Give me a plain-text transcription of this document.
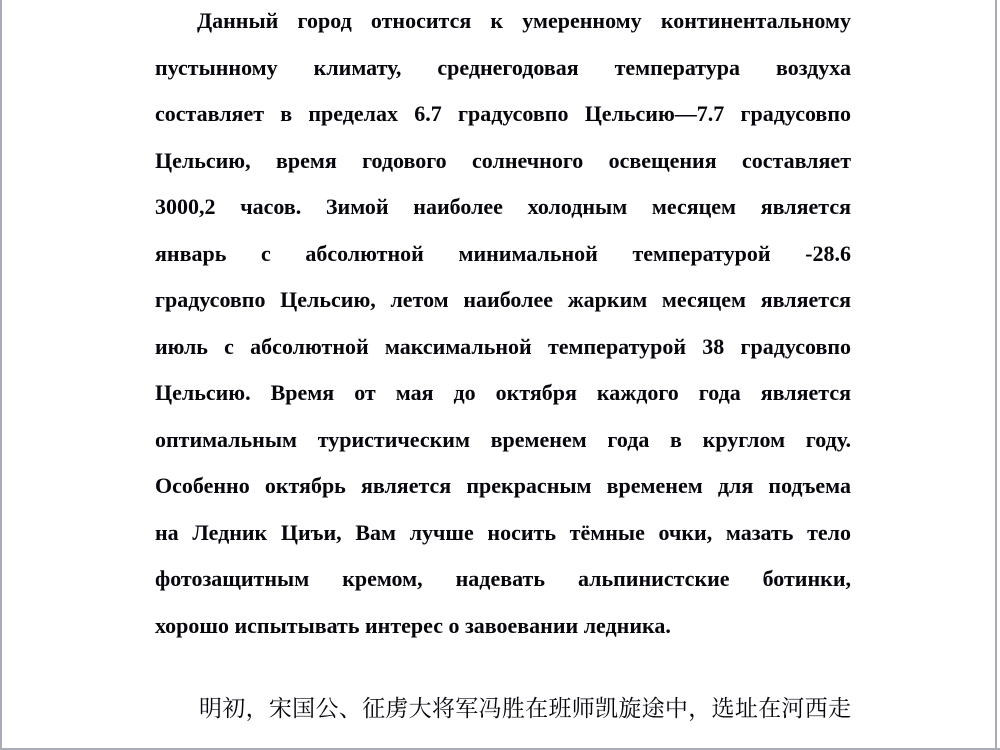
Данный город относится к умеренному континентальному
пустынному климату, среднегодовая температура воздуха
составляет в пределах 6.7 градусовпо Цельсию—7.7 градусовпо
Цельсию, время годового солнечного освещения составляет
3000,2 часов. Зимой наиболее холодным месяцем является
январь с абсолютной минимальной температурой -28.6
градусовпо Цельсию, летом наиболее жарким месяцем является
июль с абсолютной максимальной температурой 38 градусовпо
Цельсию. Время от мая до октября каждого года является
оптимальным туристическим временем года в круглом году.
Особенно октябрь является прекрасным временем для подъема
на Ледник Циъи, Вам лучше носить тёмные очки, мазать тело
фотозащитным кремом, надевать альпинистские ботинки,
хорошо испытывать интерес о завоевании ледника.
明初，宋国公、征虏大将军冯胜在班师凯旋途中，选址在河西走
